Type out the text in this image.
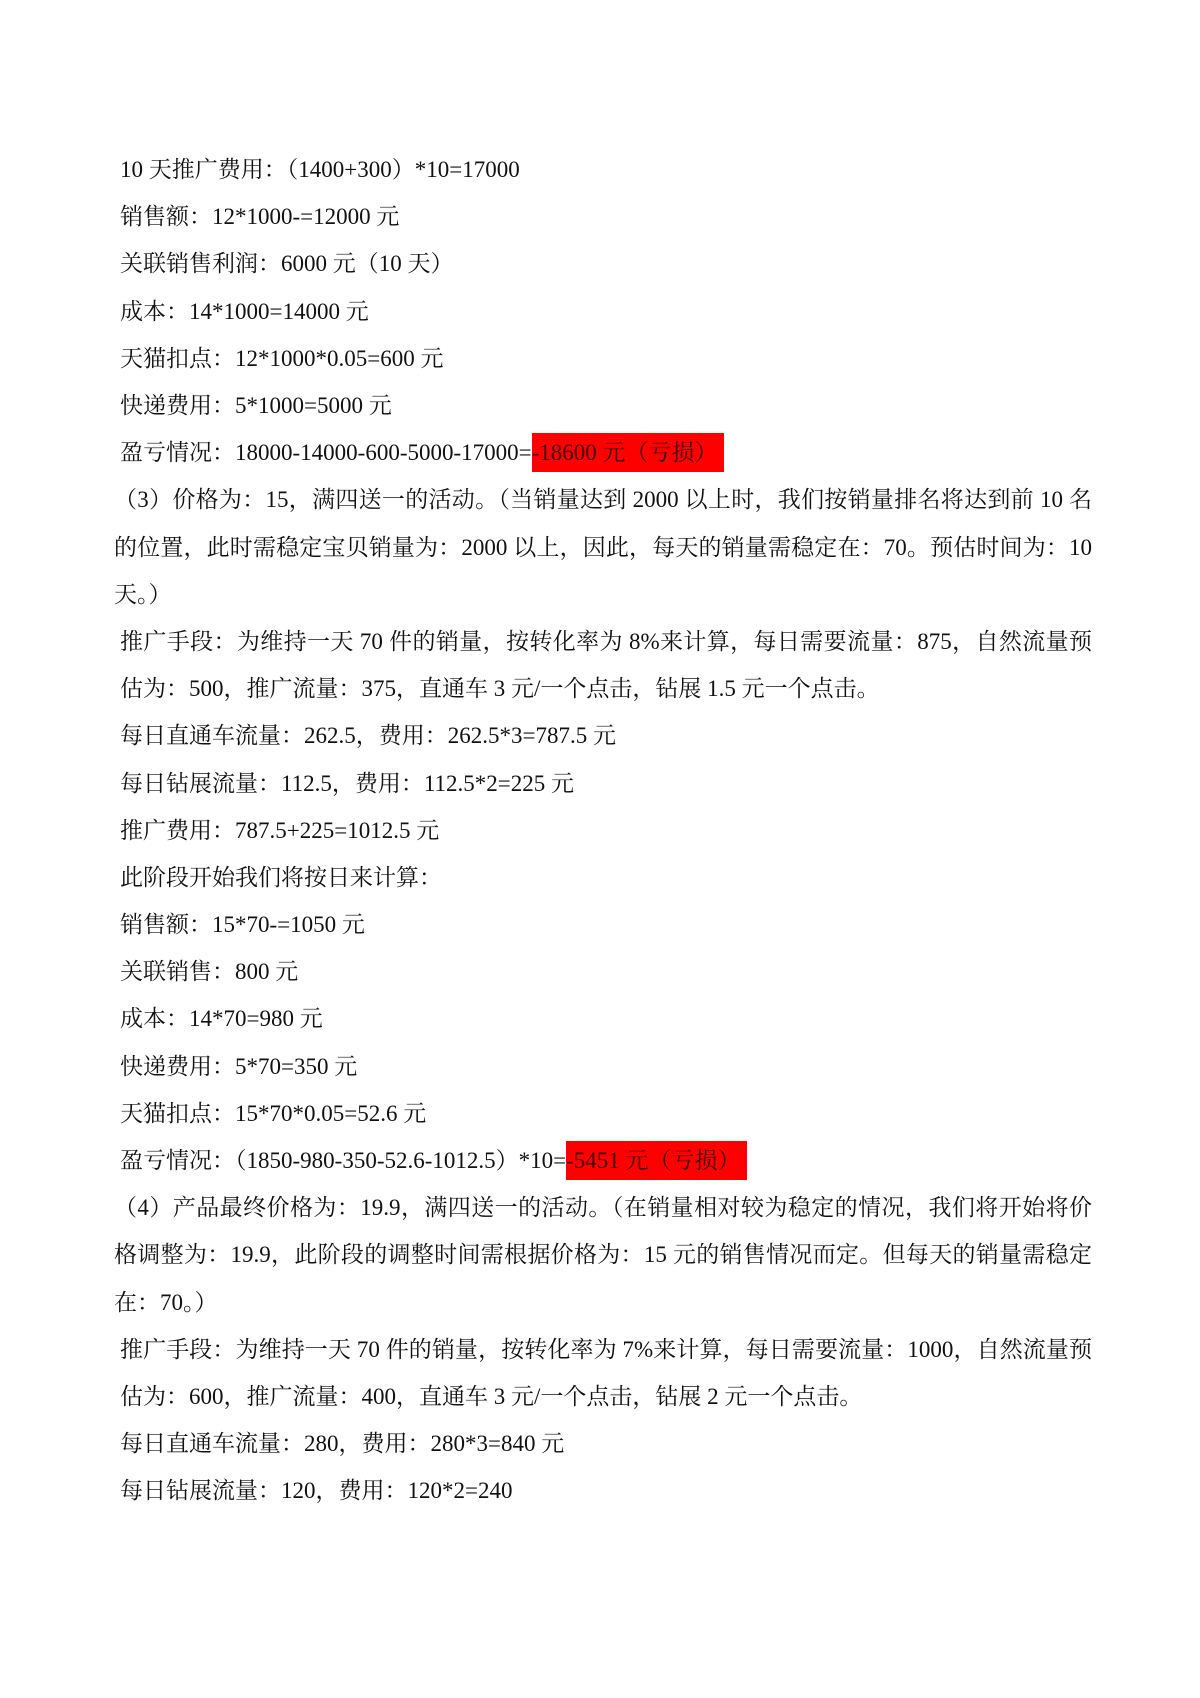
10 天推广费用：（1400+300）*10=17000
销售额：12*1000-=12000 元
关联销售利润：6000 元（10 天）
成本：14*1000=14000 元
天猫扣点：12*1000*0.05=600 元
快递费用：5*1000=5000 元
盈亏情况：18000-14000-600-5000-17000=-18600 元（亏损）
（3）价格为：15，满四送一的活动。（当销量达到 2000 以上时，我们按销量排名将达到前 10 名的位置，此时需稳定宝贝销量为：2000 以上，因此，每天的销量需稳定在：70。预估时间为：10 天。）
推广手段：为维持一天 70 件的销量，按转化率为 8%来计算，每日需要流量：875，自然流量预估为：500，推广流量：375，直通车 3 元/一个点击，钻展 1.5 元一个点击。
每日直通车流量：262.5，费用：262.5*3=787.5 元
每日钻展流量：112.5，费用：112.5*2=225 元
推广费用：787.5+225=1012.5 元
此阶段开始我们将按日来计算：
销售额：15*70-=1050 元
关联销售：800 元
成本：14*70=980 元
快递费用：5*70=350 元
天猫扣点：15*70*0.05=52.6 元
盈亏情况：（1850-980-350-52.6-1012.5）*10=-5451 元（亏损）
（4）产品最终价格为：19.9，满四送一的活动。（在销量相对较为稳定的情况，我们将开始将价格调整为：19.9，此阶段的调整时间需根据价格为：15 元的销售情况而定。但每天的销量需稳定在：70。）
推广手段：为维持一天 70 件的销量，按转化率为 7%来计算，每日需要流量：1000，自然流量预估为：600，推广流量：400，直通车 3 元/一个点击，钻展 2 元一个点击。
每日直通车流量：280，费用：280*3=840 元
每日钻展流量：120，费用：120*2=240
